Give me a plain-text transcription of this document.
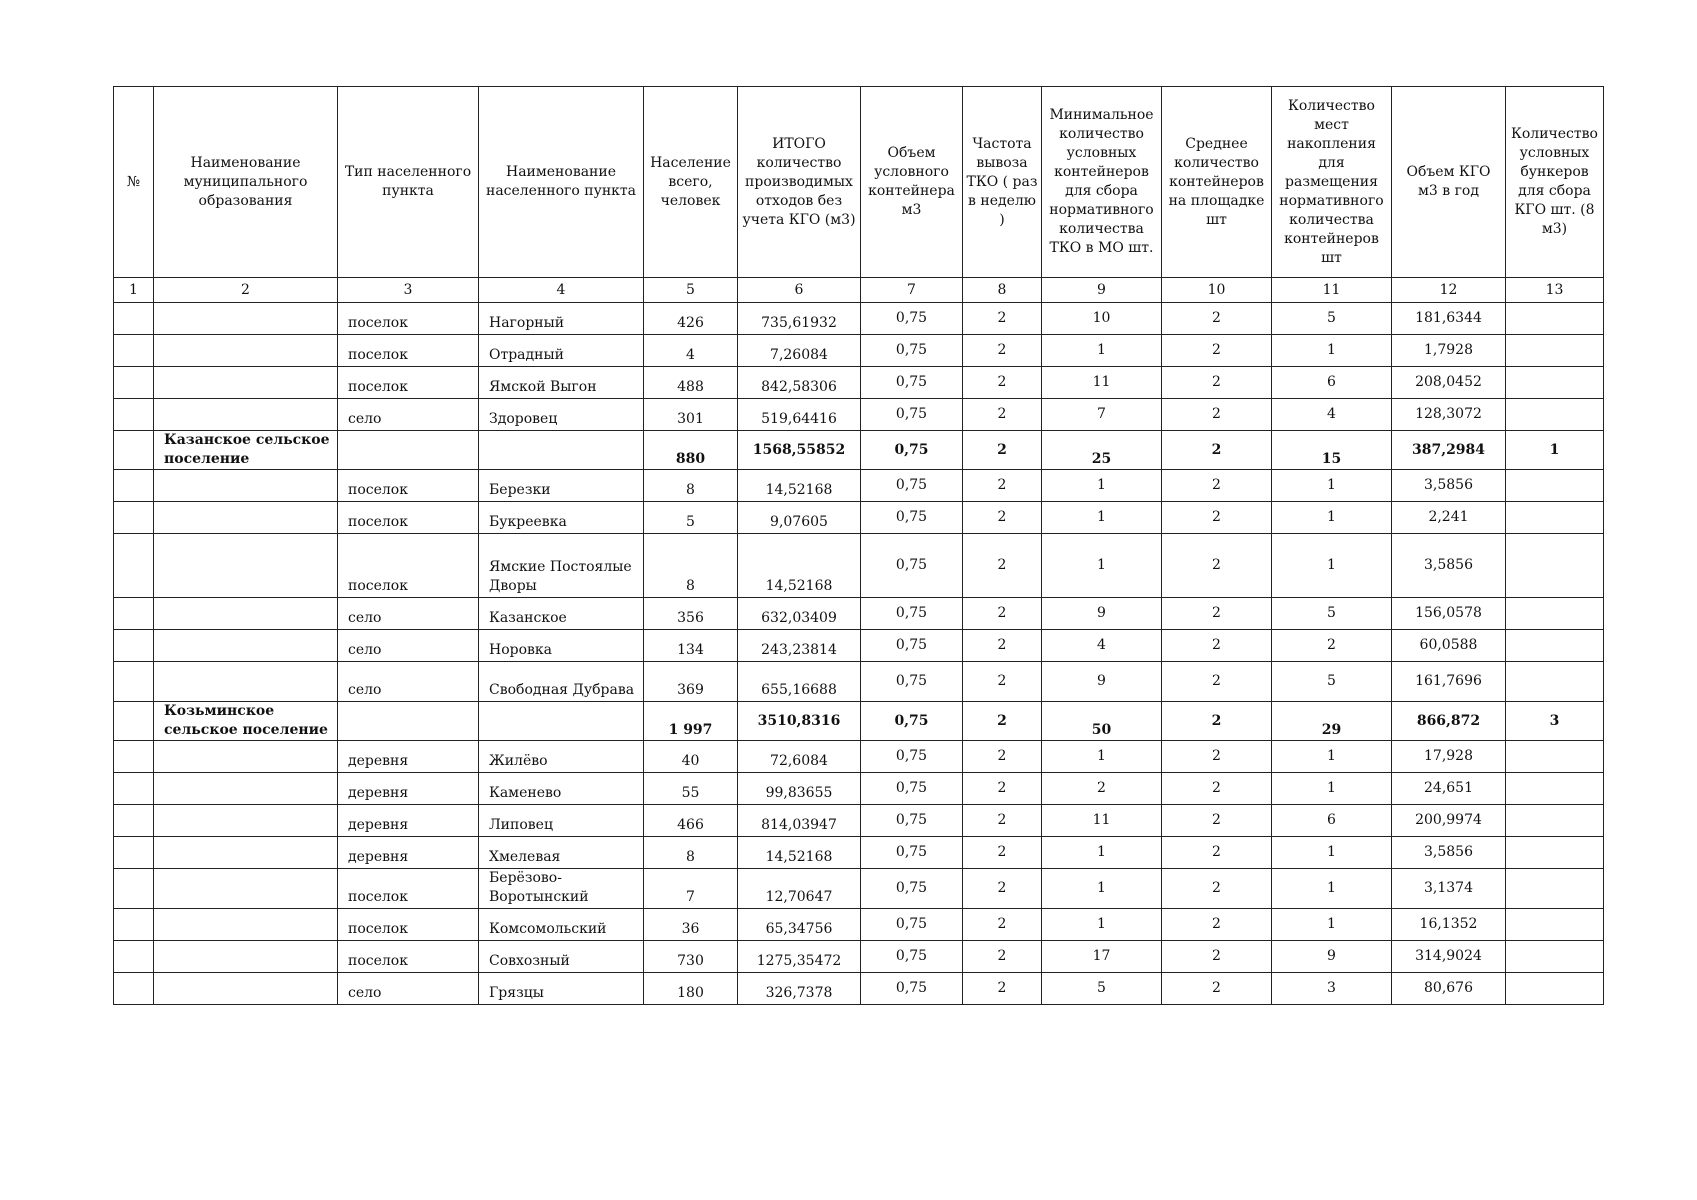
№	Наименование муниципального образования	Тип населенного пункта	Наименование населенного пункта	Население всего, человек	ИТОГО количество производимых отходов без учета КГО (м3)	Объем условного контейнера м3	Частота вывоза ТКО ( раз в неделю )	Минимальное количество условных контейнеров для сбора нормативного количества ТКО в МО шт.	Среднее количество контейнеров на площадке шт	Количество мест накопления для размещения нормативного количества контейнеров шт	Объем КГО м3 в год	Количество условных бункеров для сбора КГО шт. (8 м3)
1	2	3	4	5	6	7	8	9	10	11	12	13
		поселок	Нагорный	426	735,61932	0,75	2	10	2	5	181,6344	
		поселок	Отрадный	4	7,26084	0,75	2	1	2	1	1,7928	
		поселок	Ямской Выгон	488	842,58306	0,75	2	11	2	6	208,0452	
		село	Здоровец	301	519,64416	0,75	2	7	2	4	128,3072	
	Казанское сельское поселение			880	1568,55852	0,75	2	25	2	15	387,2984	1
		поселок	Березки	8	14,52168	0,75	2	1	2	1	3,5856	
		поселок	Букреевка	5	9,07605	0,75	2	1	2	1	2,241	
		поселок	Ямские Постоялые Дворы	8	14,52168	0,75	2	1	2	1	3,5856	
		село	Казанское	356	632,03409	0,75	2	9	2	5	156,0578	
		село	Норовка	134	243,23814	0,75	2	4	2	2	60,0588	
		село	Свободная Дубрава	369	655,16688	0,75	2	9	2	5	161,7696	
	Козьминское сельское поселение			1 997	3510,8316	0,75	2	50	2	29	866,872	3
		деревня	Жилёво	40	72,6084	0,75	2	1	2	1	17,928	
		деревня	Каменево	55	99,83655	0,75	2	2	2	1	24,651	
		деревня	Липовец	466	814,03947	0,75	2	11	2	6	200,9974	
		деревня	Хмелевая	8	14,52168	0,75	2	1	2	1	3,5856	
		поселок	Берёзово-Воротынский	7	12,70647	0,75	2	1	2	1	3,1374	
		поселок	Комсомольский	36	65,34756	0,75	2	1	2	1	16,1352	
		поселок	Совхозный	730	1275,35472	0,75	2	17	2	9	314,9024	
		село	Грязцы	180	326,7378	0,75	2	5	2	3	80,676	
